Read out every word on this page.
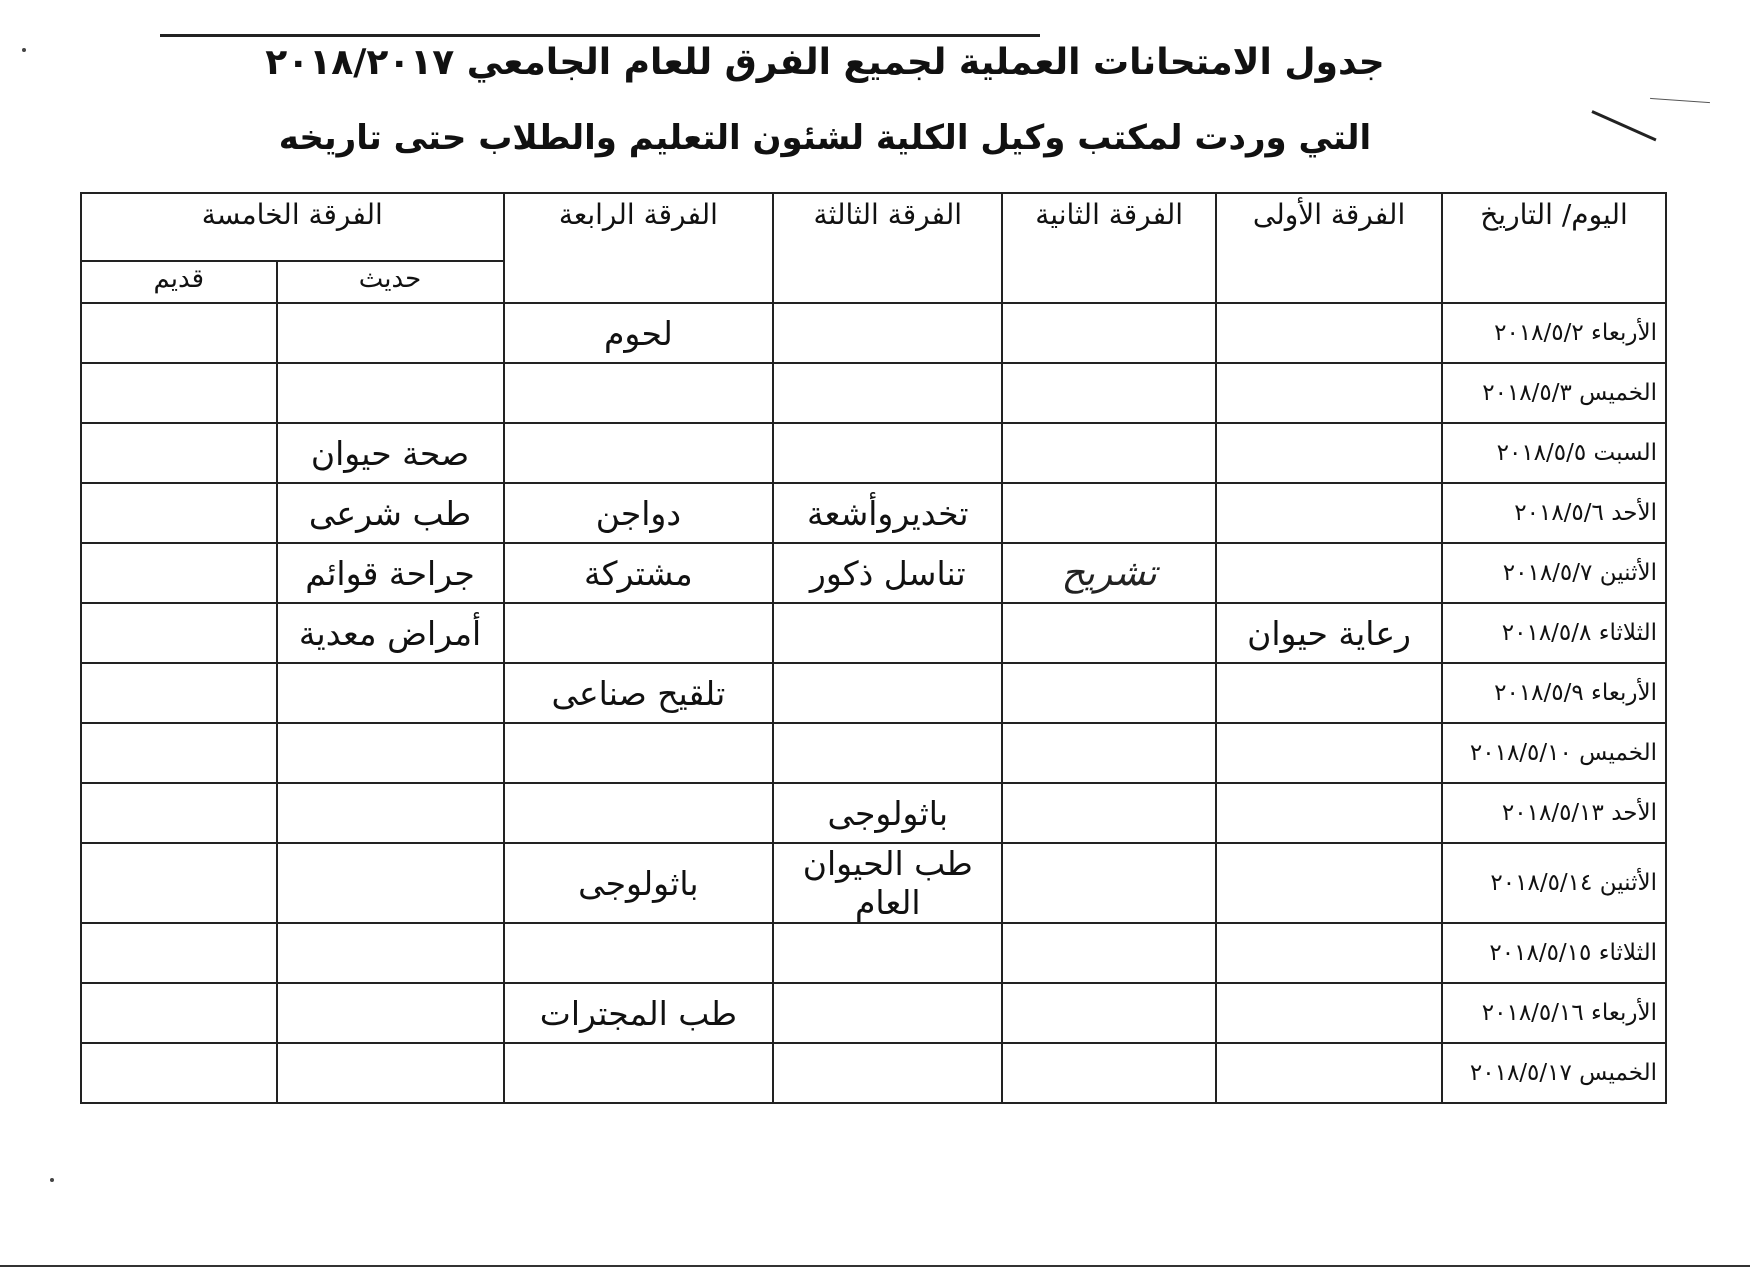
جدول الامتحانات العملية لجميع الفرق للعام الجامعي ٢٠١٨/٢٠١٧
التي وردت لمكتب وكيل الكلية لشئون التعليم والطلاب حتى تاريخه
اليوم/ التاريخ	الفرقة الأولى	الفرقة الثانية	الفرقة الثالثة	الفرقة الرابعة	الفرقة الخامسة	
					حديث	قديم
الأربعاء ٢٠١٨/٥/٢				لحوم		
الخميس ٢٠١٨/٥/٣						
السبت ٢٠١٨/٥/٥					صحة حيوان	
الأحد ٢٠١٨/٥/٦			تخديروأشعة	دواجن	طب شرعى	
الأثنين ٢٠١٨/٥/٧		تشريح	تناسل ذكور	مشتركة	جراحة قوائم	
الثلاثاء ٢٠١٨/٥/٨	رعاية حيوان				أمراض معدية	
الأربعاء ٢٠١٨/٥/٩				تلقيح صناعى		
الخميس ٢٠١٨/٥/١٠						
الأحد ٢٠١٨/٥/١٣			باثولوجى			
الأثنين ٢٠١٨/٥/١٤			طب الحيوان العام	باثولوجى		
الثلاثاء ٢٠١٨/٥/١٥						
الأربعاء ٢٠١٨/٥/١٦				طب المجترات		
الخميس ٢٠١٨/٥/١٧						
